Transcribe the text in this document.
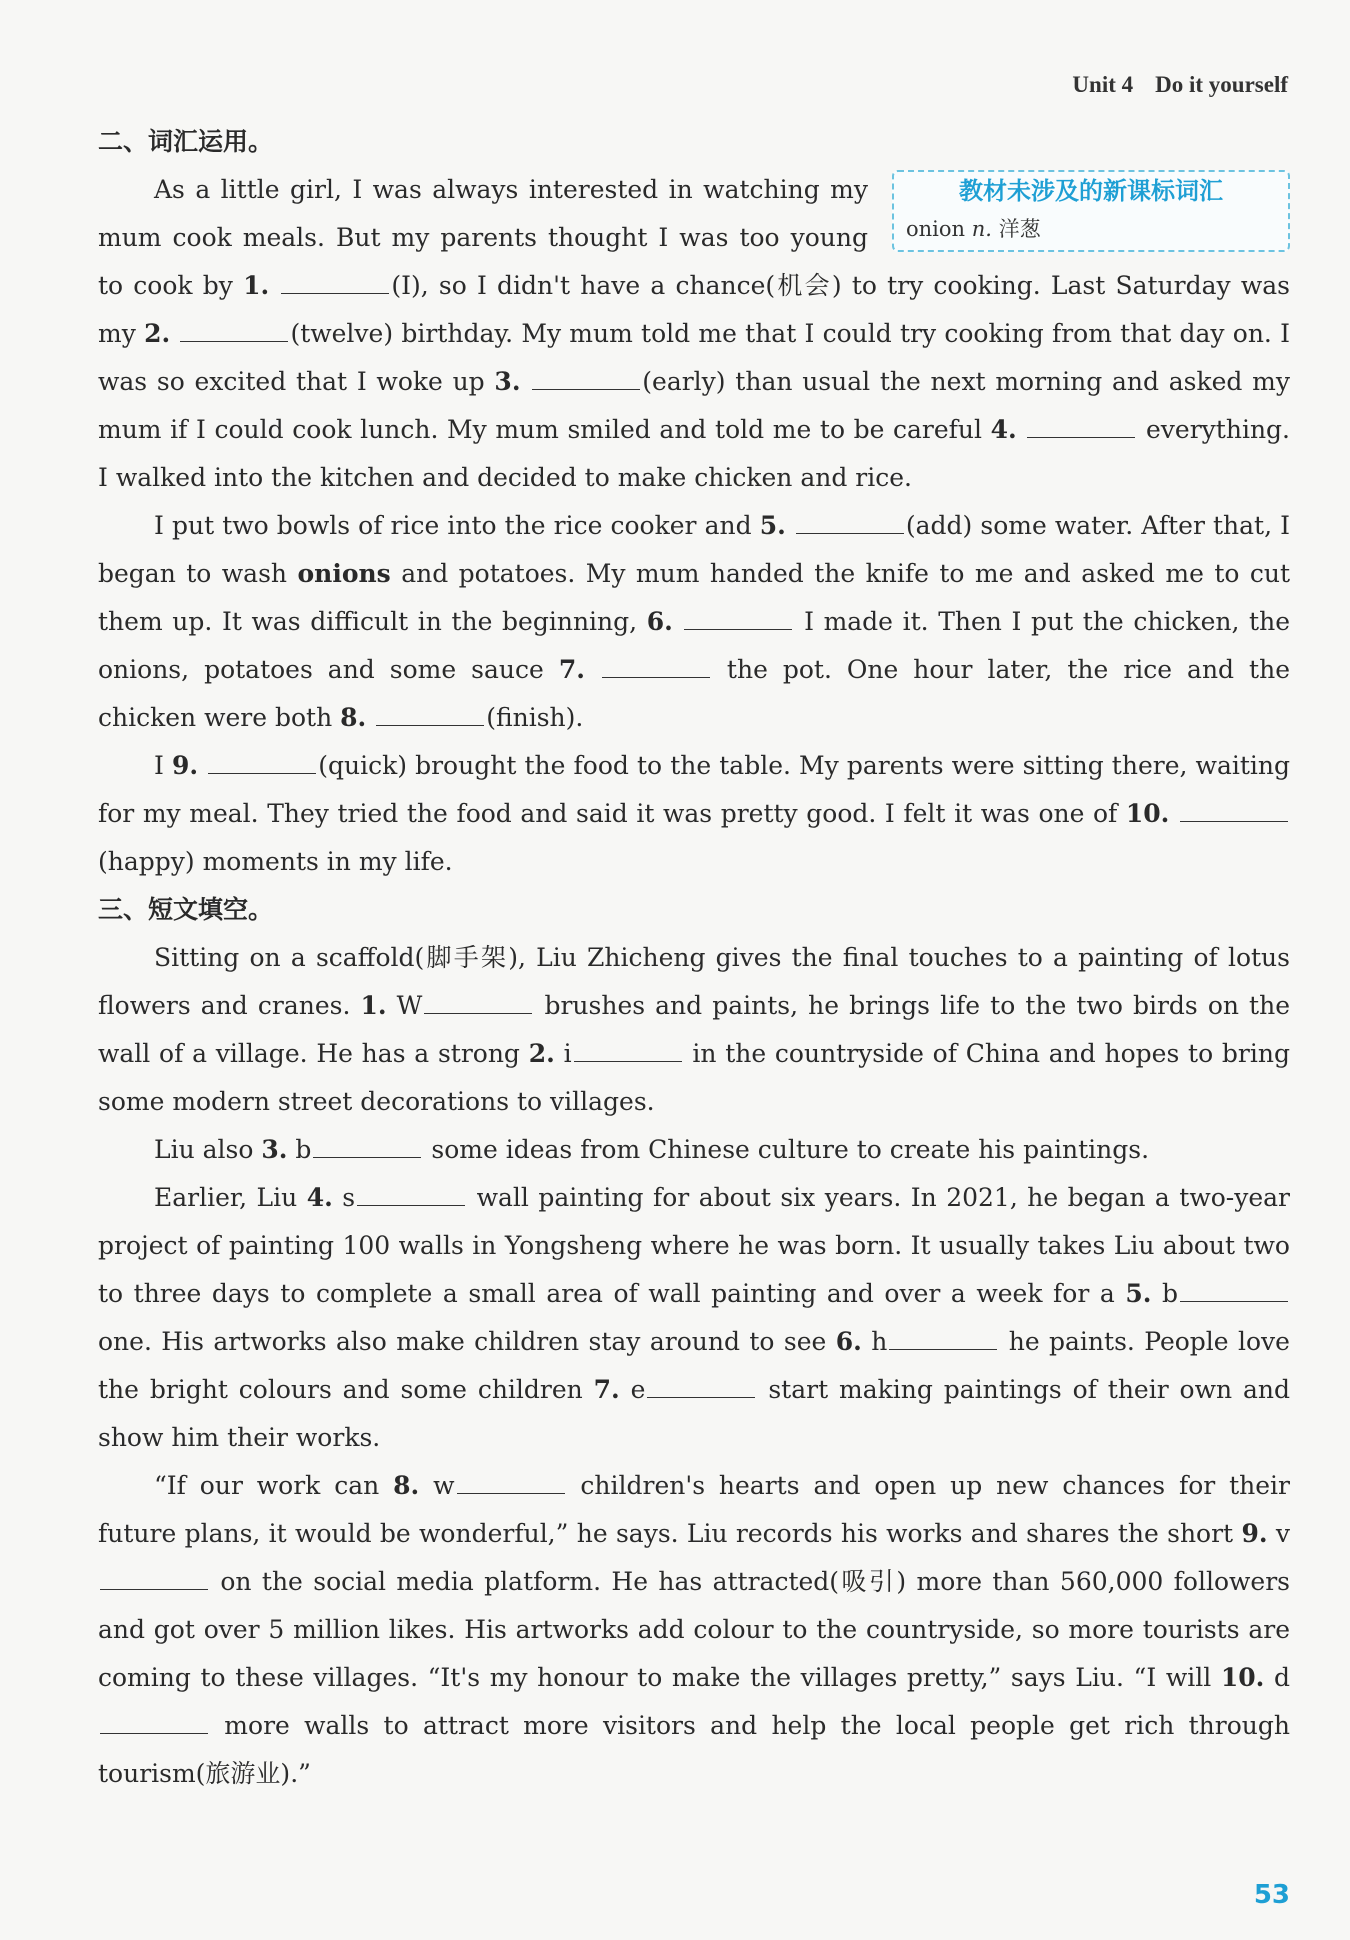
Unit 4 Do it yourself
二、词汇运用。
教材未涉及的新课标词汇
onion n. 洋葱

As a little girl, I was always interested in watching my mum cook meals. But my parents thought I was too young to cook by 1.	(I), so I didn't have a chance(机会) to try cooking. Last Saturday was my 2.	(twelve) birthday. My mum told me that I could try cooking from that day on. I was so excited that I woke up 3.	(early) than usual the next morning and asked my mum if I could cook lunch. My mum smiled and told me to be careful 4.	everything. I walked into the kitchen and decided to make chicken and rice.

I put two bowls of rice into the rice cooker and 5.	(add) some water. After that, I began to wash onions and potatoes. My mum handed the knife to me and asked me to cut them up. It was difficult in the beginning, 6.	I made it. Then I put the chicken, the onions, potatoes and some sauce 7.	the pot. One hour later, the rice and the chicken were both 8.	(finish).

I 9.	(quick) brought the food to the table. My parents were sitting there, waiting for my meal. They tried the food and said it was pretty good. I felt it was one of 10. (happy) moments in my life.

三、短文填空。

Sitting on a scaffold(脚手架), Liu Zhicheng gives the final touches to a painting of lotus flowers and cranes. 1. W	brushes and paints, he brings life to the two birds on the wall of a village. He has a strong 2. i	in the countryside of China and hopes to bring some modern street decorations to villages.

Liu also 3. b	some ideas from Chinese culture to create his paintings.

Earlier, Liu 4. s	wall painting for about six years. In 2021, he began a two-year project of painting 100 walls in Yongsheng where he was born. It usually takes Liu about two to three days to complete a small area of wall painting and over a week for a 5. b one. His artworks also make children stay around to see 6. h	he paints. People love the bright colours and some children 7. e	start making paintings of their own and show him their works.

“If our work can 8. w	children's hearts and open up new chances for their future plans, it would be wonderful,” he says. Liu records his works and shares the short 9. v on the social media platform. He has attracted(吸引) more than 560,000 followers and got over 5 million likes. His artworks add colour to the countryside, so more tourists are coming to these villages. “It's my honour to make the villages pretty,” says Liu. “I will 10. d more walls to attract more visitors and help the local people get rich through tourism(旅游业).”

53
